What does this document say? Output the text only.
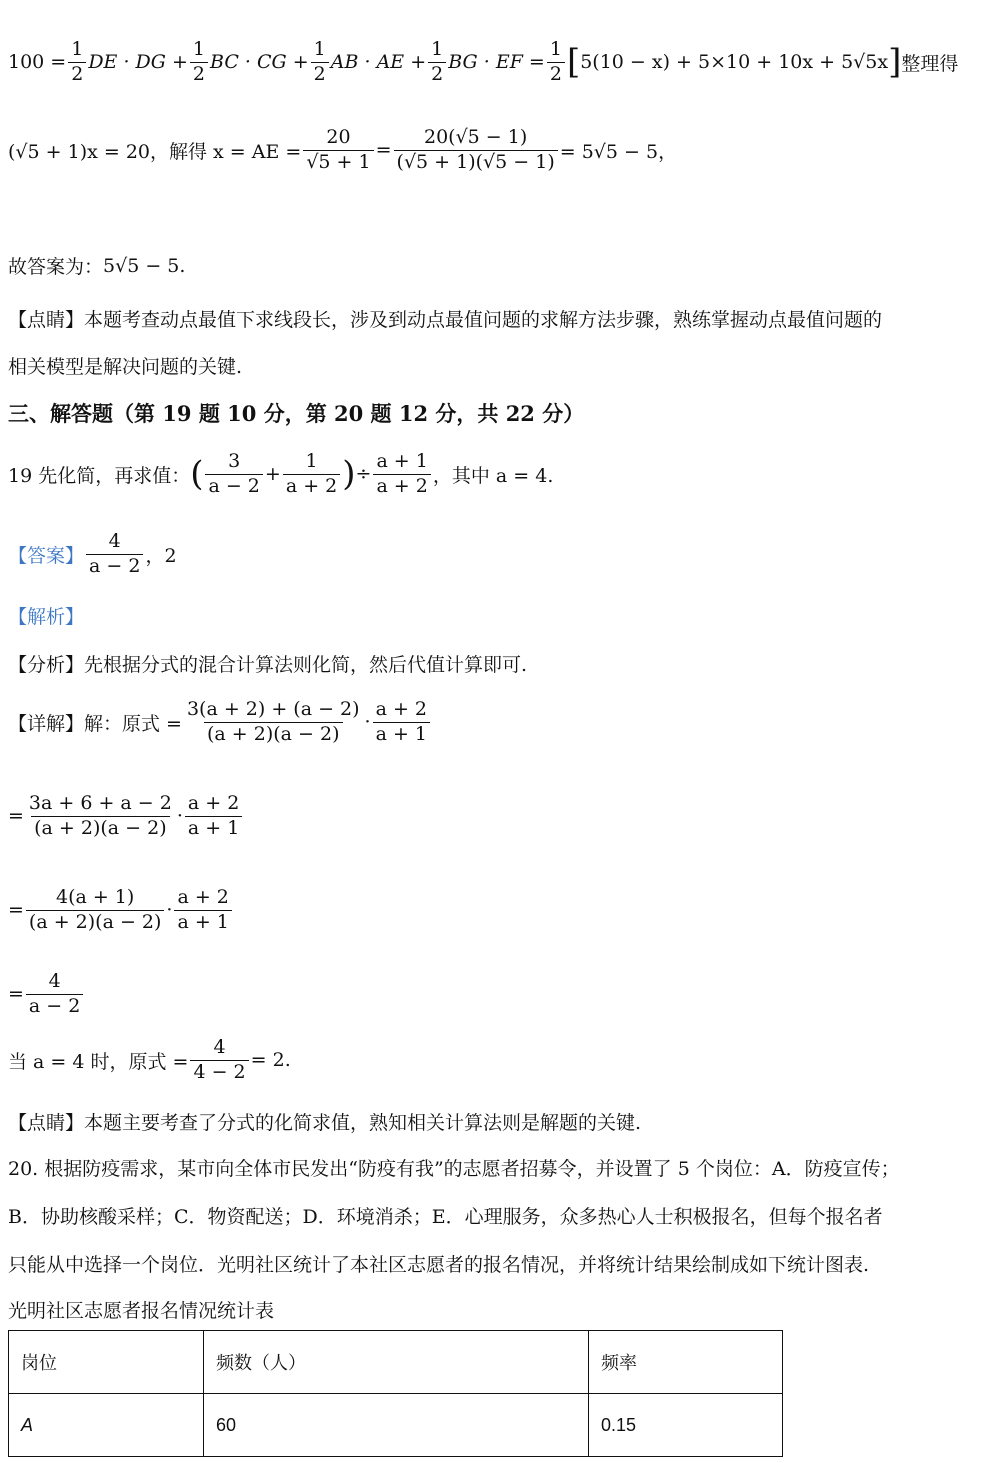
$100 = \frac{1}{2}$ DE · DG + $\frac{1}{2}$ BC · CG + $\frac{1}{2}$ AB · AE + $\frac{1}{2}$ BG · EF = $\frac{1}{2}$ [ 5(10 − x) + 5×10 + 10x + 5√5x ] 整理得
(√5 + 1)x = 20，解得 x = AE = $\frac{20}{√5 + 1} = \frac{20(√5 - 1)}{(√5 + 1)(√5 - 1)} = 5√5 - 5$，
故答案为： 5√5 − 5.
【点睛】本题考查动点最值下求线段长，涉及到动点最值问题的求解方法步骤，熟练掌握动点最值问题的
相关模型是解决问题的关键.
三、解答题（第 19 题 10 分，第 20 题 12 分，共 22 分）
19 先化简，再求值： ( $\frac{3}{a - 2} + \frac{1}{a + 2}$ ) ÷ $\frac{a + 1}{a + 2}$ ，其中 a = 4.
【答案】 $\frac{4}{a - 2}$ ，2
【解析】
【分析】先根据分式的混合计算法则化简，然后代值计算即可.
【详解】解：原式 = $\frac{3(a + 2) + (a - 2)}{(a + 2)(a - 2)} \cdot \frac{a + 2}{a + 1}$
= $\frac{3a + 6 + a - 2}{(a + 2)(a - 2)} \cdot \frac{a + 2}{a + 1}$
= $\frac{4(a + 1)}{(a + 2)(a - 2)} \cdot \frac{a + 2}{a + 1}$
= $\frac{4}{a - 2}$
当 a = 4 时，原式 = $\frac{4}{4 - 2} = 2$.
【点睛】本题主要考查了分式的化简求值，熟知相关计算法则是解题的关键.
20. 根据防疫需求，某市向全体市民发出“防疫有我”的志愿者招募令，并设置了 5 个岗位：A．防疫宣传；
B．协助核酸采样；C．物资配送；D．环境消杀；E．心理服务，众多热心人士积极报名，但每个报名者
只能从中选择一个岗位．光明社区统计了本社区志愿者的报名情况，并将统计结果绘制成如下统计图表.
光明社区志愿者报名情况统计表
岗位	频数（人）	频率
A	60	0.15
